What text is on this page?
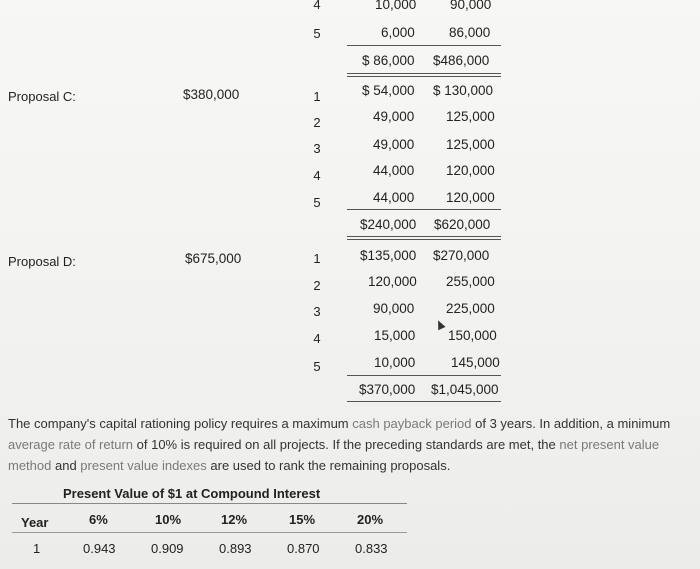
4	10,000 90,000
5	6,000	86,000
$ 86,000 $486,000
Proposal C:	$380,000	1	$ 54,000 $ 130,000
2	49,000 125,000
3	49,000 125,000
4	44,000 120,000
5	44,000 120,000
$240,000 $620,000
Proposal D:	$675,000	1	$135,000 $270,000
2	120,000 255,000
3	90,000 225,000
4	15,000 150,000
5	10,000	145,000
$370,000 $1,045,000
The company's capital rationing policy requires a maximum cash payback period of 3 years. In addition, a minimum average rate of return of 10% is required on all projects. If the preceding standards are met, the net present value method and present value indexes are used to rank the remaining proposals.
Present Value of $1 at Compound Interest
Year	6%	10%	12%	15%	20%
1	0.943	0.909	0.893	0.870	0.833
